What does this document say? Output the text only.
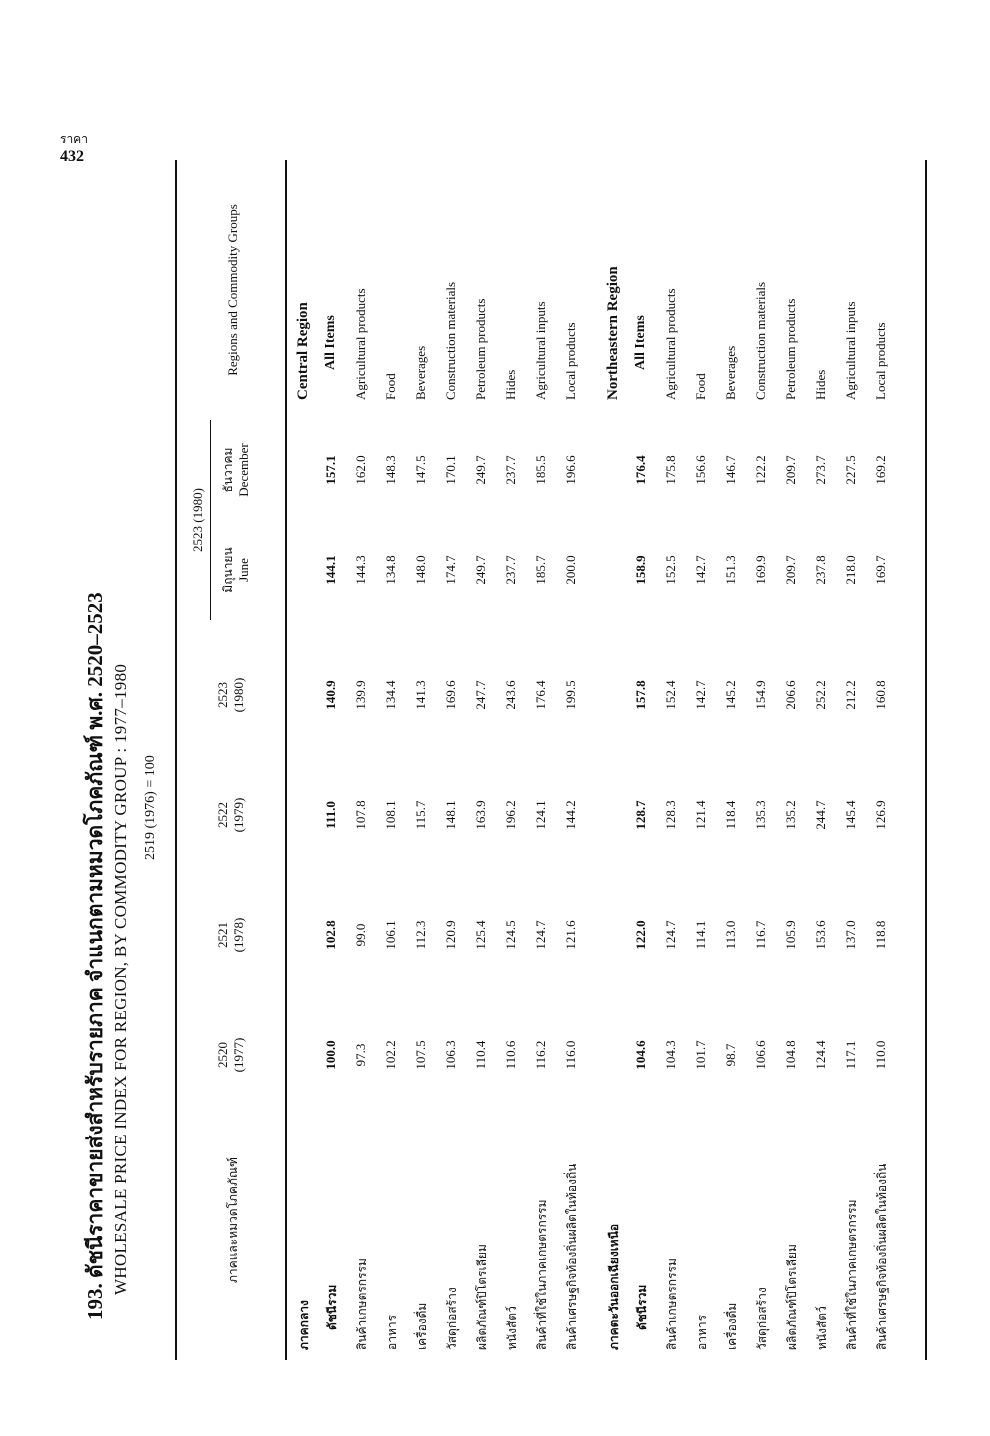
ราคา
432
193. ดัชนีราคาขายส่งสำหรับรายภาค จำแนกตามหมวดโภคภัณฑ์ พ.ศ. 2520–2523 WHOLESALE PRICE INDEX FOR REGION, BY COMMODITY GROUP : 1977–1980 2519 (1976) = 100
ภาคและหมวดโภคภัณฑ์
Regions and Commodity Groups
2520 (1977)
2521 (1978)
2522 (1979)
2523 (1980)
2523 (1980)
มิถุนายน June
ธันวาคม December
ภาคกลาง
Central Region
ดัชนีรวม
100.0
102.8
111.0
140.9
144.1
157.1
All Items
สินค้าเกษตรกรรม
97.3
99.0
107.8
139.9
144.3
162.0
Agricultural products
อาหาร
102.2
106.1
108.1
134.4
134.8
148.3
Food
เครื่องดื่ม
107.5
112.3
115.7
141.3
148.0
147.5
Beverages
วัสดุก่อสร้าง
106.3
120.9
148.1
169.6
174.7
170.1
Construction materials
ผลิตภัณฑ์ปิโตรเลียม
110.4
125.4
163.9
247.7
249.7
249.7
Petroleum products
หนังสัตว์
110.6
124.5
196.2
243.6
237.7
237.7
Hides
สินค้าที่ใช้ในภาคเกษตรกรรม
116.2
124.7
124.1
176.4
185.7
185.5
Agricultural inputs
สินค้าเศรษฐกิจท้องถิ่นผลิตในท้องถิ่น
116.0
121.6
144.2
199.5
200.0
196.6
Local products
ภาคตะวันออกเฉียงเหนือ
Northeastern Region
ดัชนีรวม
104.6
122.0
128.7
157.8
158.9
176.4
All Items
สินค้าเกษตรกรรม
104.3
124.7
128.3
152.4
152.5
175.8
Agricultural products
อาหาร
101.7
114.1
121.4
142.7
142.7
156.6
Food
เครื่องดื่ม
98.7
113.0
118.4
145.2
151.3
146.7
Beverages
วัสดุก่อสร้าง
106.6
116.7
135.3
154.9
169.9
122.2
Construction materials
ผลิตภัณฑ์ปิโตรเลียม
104.8
105.9
135.2
206.6
209.7
209.7
Petroleum products
หนังสัตว์
124.4
153.6
244.7
252.2
237.8
273.7
Hides
สินค้าที่ใช้ในภาคเกษตรกรรม
117.1
137.0
145.4
212.2
218.0
227.5
Agricultural inputs
สินค้าเศรษฐกิจท้องถิ่นผลิตในท้องถิ่น
110.0
118.8
126.9
160.8
169.7
169.2
Local products
